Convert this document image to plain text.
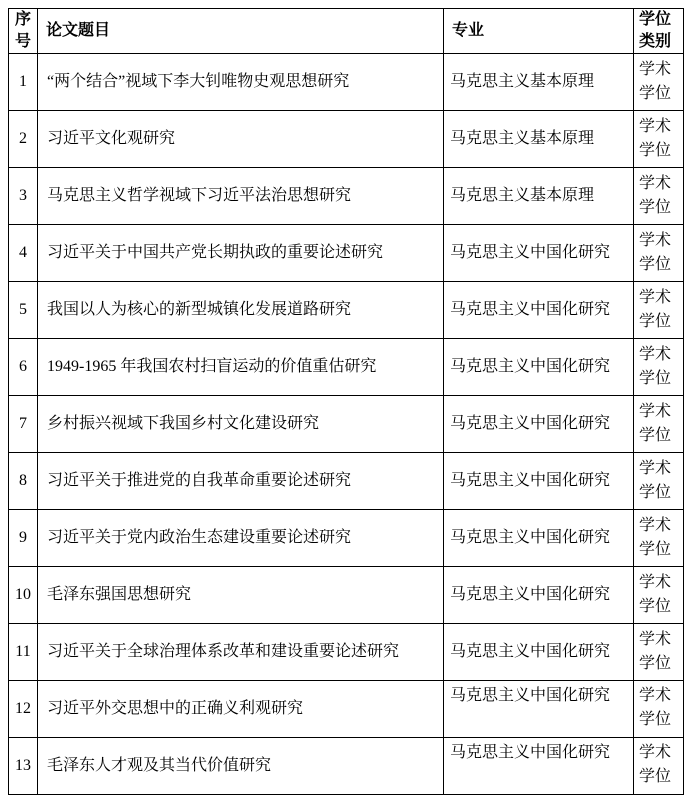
序号	论文题目	专业	学位类别
1	“两个结合”视域下李大钊唯物史观思想研究	马克思主义基本原理	学术学位
2	习近平文化观研究	马克思主义基本原理	学术学位
3	马克思主义哲学视域下习近平法治思想研究	马克思主义基本原理	学术学位
4	习近平关于中国共产党长期执政的重要论述研究	马克思主义中国化研究	学术学位
5	我国以人为核心的新型城镇化发展道路研究	马克思主义中国化研究	学术学位
6	1949-1965 年我国农村扫盲运动的价值重估研究	马克思主义中国化研究	学术学位
7	乡村振兴视域下我国乡村文化建设研究	马克思主义中国化研究	学术学位
8	习近平关于推进党的自我革命重要论述研究	马克思主义中国化研究	学术学位
9	习近平关于党内政治生态建设重要论述研究	马克思主义中国化研究	学术学位
10	毛泽东强国思想研究	马克思主义中国化研究	学术学位
11	习近平关于全球治理体系改革和建设重要论述研究	马克思主义中国化研究	学术学位
12	习近平外交思想中的正确义利观研究	马克思主义中国化研究	学术学位
13	毛泽东人才观及其当代价值研究	马克思主义中国化研究	学术学位
